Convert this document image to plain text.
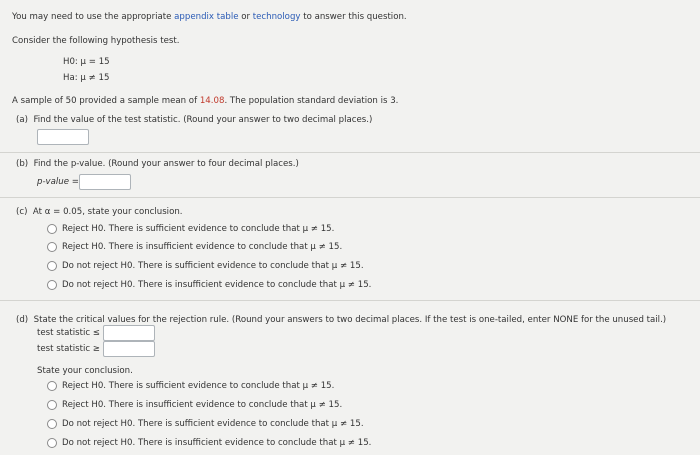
You may need to use the appropriate appendix table or technology to answer this question.
Consider the following hypothesis test.
H0: μ = 15
Ha: μ ≠ 15
A sample of 50 provided a sample mean of 14.08. The population standard deviation is 3.
(a) Find the value of the test statistic. (Round your answer to two decimal places.)
(b) Find the p-value. (Round your answer to four decimal places.)
p-value =
(c) At α = 0.05, state your conclusion.
Reject H0. There is sufficient evidence to conclude that μ ≠ 15.
Reject H0. There is insufficient evidence to conclude that μ ≠ 15.
Do not reject H0. There is sufficient evidence to conclude that μ ≠ 15.
Do not reject H0. There is insufficient evidence to conclude that μ ≠ 15.
(d) State the critical values for the rejection rule. (Round your answers to two decimal places. If the test is one-tailed, enter NONE for the unused tail.)
test statistic ≤
test statistic ≥
State your conclusion.
Reject H0. There is sufficient evidence to conclude that μ ≠ 15.
Reject H0. There is insufficient evidence to conclude that μ ≠ 15.
Do not reject H0. There is sufficient evidence to conclude that μ ≠ 15.
Do not reject H0. There is insufficient evidence to conclude that μ ≠ 15.
